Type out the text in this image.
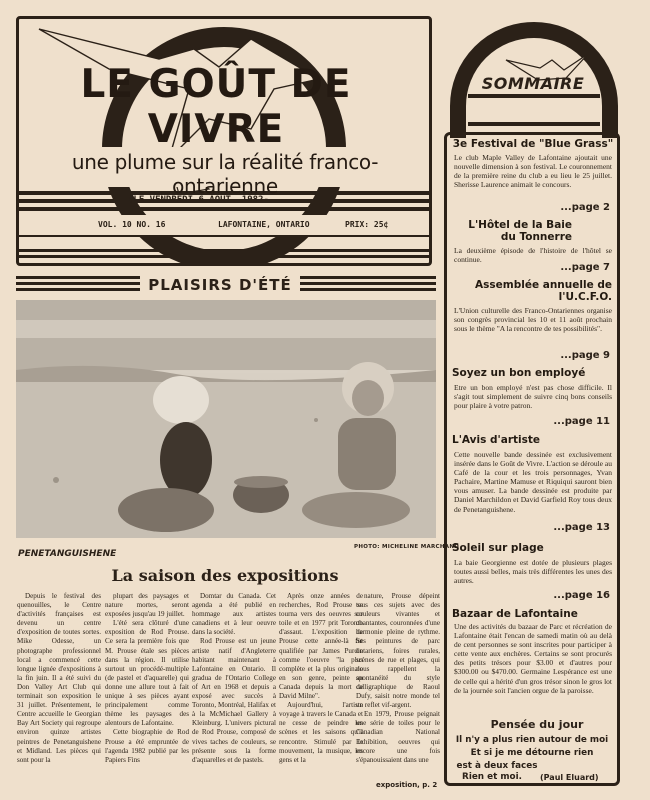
LE GOÛT DE VIVRE
une plume sur la réalité franco-ontarienne
(LE VENDREDI 6 AOUT, 1982-
VOL. 10 NO. 16	LAFONTAINE, ONTARIO	PRIX: 25¢
PLAISIRS D'ÉTÉ
PHOTO: MICHELINE MARCHAND
PENETANGUISHENE
La saison des expositions

Depuis le festival des quenouilles, le Centre d'activités françaises est devenu un centre d'exposition de toutes sortes. Mike Odesse, un photographe professionnel local a commencé cette longue lignée d'expositions à la fin juin. Il a été suivi du Don Valley Art Club qui terminait son exposition le 31 juillet. Présentement, le Centre accueille le Georgian Bay Art Society qui regroupe environ quinze artistes peintres de Penetanguishene et Midland. Les pièces qui sont pour la

plupart des paysages et nature mortes, seront exposées jusqu'au 19 juillet.

L'été sera clôturé d'une exposition de Rod Prouse. Ce sera la première fois que M. Prouse étale ses pièces dans la région. Il utilise surtout un procédé-multiple (de pastel et d'aquarelle) qui donne une allure tout à fait unique à ses pièces ayant principalement comme thème les paysages des alentours de Lafontaine.

Cette biographie de Rod Prouse a été empruntée de l'agenda 1982 publié par les Papiers Fins

Domtar du Canada. Cet agenda a été publié en hommage aux artistes canadiens et à leur oeuvre dans la société.

Rod Prouse est un jeune artiste natif d'Angleterre habitant maintenant à Lafontaine en Ontario. Il gradua de l'Ontario College of Art en 1968 et depuis a exposé avec succès à Toronto, Montréal, Halifax et à la McMichael Gallery à Kleinburg. L'univers pictural de Rod Prouse, composé de vives taches de couleurs, se présente sous la forme d'aquarelles et de pastels.

Après onze années de recherches, Rod Prouse se tourna vers des oeuvres sur toile et en 1977 prit Toronto d'assaut. L'exposition de Prouse cette année-là fut qualifiée par James Purdie comme l'oeuvre "la plus complète et la plus originale en son genre, peinte au Canada depuis la mort de David Milne".

Aujourd'hui, l'artiste voyage à travers le Canada et ne cesse de peindre les scènes et les saisons qu'il rencontre. Stimulé par le mouvement, la musique, les gens et la

nature, Prouse dépeint tous ces sujets avec des couleurs vivantes et chantantes, couronnées d'une harmonie pleine de rythme. Ses peintures de parc ontariens, foires rurales, scènes de rue et plages, qui nous rappellent la spontanéité du style calligraphique de Raoul Dufy, saisit notre monde tel un reflet vif-argent.

En 1979, Prouse peignait une série de toiles pour le Canadian National Exhibition, oeuvres qui encore une fois s'épanouissaient dans une

exposition, p. 2
SOMMAIRE
3e Festival de "Blue Grass"
Le club Maple Valley de Lafontaine ajoutait une nouvelle dimension à son festival. Le couronnement de la première reine du club a eu lieu le 25 juillet. Sherisse Laurence animait le concours.
...page 2
L'Hôtel de la Baie du Tonnerre
La deuxième épisode de l'histoire de l'hôtel se continue.
...page 7
Assemblée annuelle de l'U.C.F.O.
L'Union culturelle des Franco-Ontariennes organise son congrès provincial les 10 et 11 août prochain sous le thème "A la rencontre de tes possibilités".
...page 9
Soyez un bon employé
Etre un bon employé n'est pas chose difficile. Il s'agit tout simplement de suivre cinq bons conseils pour plaire à votre patron.
...page 11
L'Avis d'artiste
Cette nouvelle bande dessinée est exclusivement insérée dans le Goût de Vivre. L'action se déroule au Café de la cour et les trois personnages, Yvan Pachaire, Martine Mamuse et Riquiqui sauront bien vous amuser. La bande dessinée est produite par Daniel Marchildon et David Garfield Roy tous deux de Penetanguishene.
...page 13
Soleil sur plage
La baie Georgienne est dotée de plusieurs plages toutes aussi belles, mais très différentes les unes des autres.
...page 16
Bazaar de Lafontaine
Une des activités du bazaar de Parc et récréation de Lafontaine était l'encan de samedi matin où au delà de cent personnes se sont inscrites pour participer à cette vente aux enchères. Certains se sont procurés des petits trésors pour $3.00 et d'autres pour $300.00 ou $470.00. Germaine Lespérance est une de celle qui a hérité d'un gros trésor sinon le gros lot de la journée soit l'ancien orgue de la paroisse.
Pensée du jour
Il n'y a plus rien autour de moi
Et si je me détourne rien
est à deux faces
Rien et moi.	(Paul Eluard)
